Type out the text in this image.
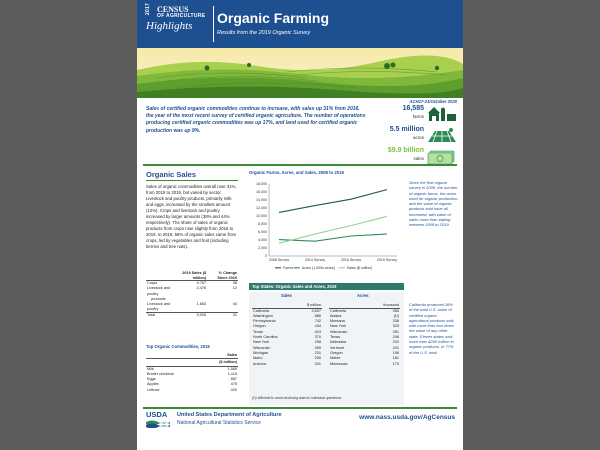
2017 CENSUS
OF AGRICULTURE
Highlights Organic Farming
Results from the 2019 Organic Survey
ACH17-21/October 2020
Sales of certified organic commodities continue to increase, with sales up 31% from 2016, the year of the most recent survey of certified organic agriculture. The number of operations producing certified organic commodities was up 17%, and land used for certified organic production was up 9%.
16,585
farms
5.5 million
acres
$9.9 billion
sales
Organic Sales
Sales of organic commodities overall rose 31%, from 2016 to 2019, but varied by sector. Livestock and poultry products, primarily milk and eggs, increased by the smallest amount (12%). Crops and livestock and poultry increased by larger amounts (38% and 44% respectively). The share of sales of organic products from crops rose slightly from 2016 to 2019. In 2019, 58% of organic sales came from crops, led by vegetables and fruit (including berries and tree nuts).
	2019 Sales ($ million)	% Change Since 2016
Crops	5,787	38
Livestock and poultry	2,476	12
products		
Livestock and poultry	1,663	44
Total	9,926	31
Top Organic Commodities, 2019
	Sales
	($ million)
Milk	1,585
Broiler chickens	1,115
Eggs	887
Apples	475
Lettuce	400
Organic Farms, Acres, and Sales, 2008 to 2019
18,000
16,000
14,000
12,000
10,000
8,000
6,000
4,000
2,000
0
2008 Survey	2014 Survey	2016 Survey	2019 Survey
Farms Acres (1,000s acres)	Sales ($ million)
Since the first organic survey in 2008, the number of organic farms, the acres used for organic production, and the value of organic products sold have all increased, with value of sales more than tripling between 2008 to 2019.
Top States: Organic Sales and Acres, 2019
Sales	Acres
	$ million
California	3,597
Washington	886
Pennsylvania	742
Oregon	434
Texas	424
North Carolina	370
New York	298
Wisconsin	269
Michigan	231
Idaho	206
Arizona	201
	thousand
California	965
Alaska	(D)
Montana	336
New York	323
Wisconsin	251
Texas	246
Nebraska	232
Vermont	201
Oregon	196
Maine	181
Minnesota	173
(D) Withheld to avoid disclosing data for individual operations.
California produced 36% of the total U.S. value of certified organic agricultural products sold, with more than four times the value of any other state. Eleven states sold more than $200 million in organic products, or 77% of the U.S. total.
USDA United States Department of Agriculture
National Agricultural Statistics Service
www.nass.usda.gov/AgCensus
